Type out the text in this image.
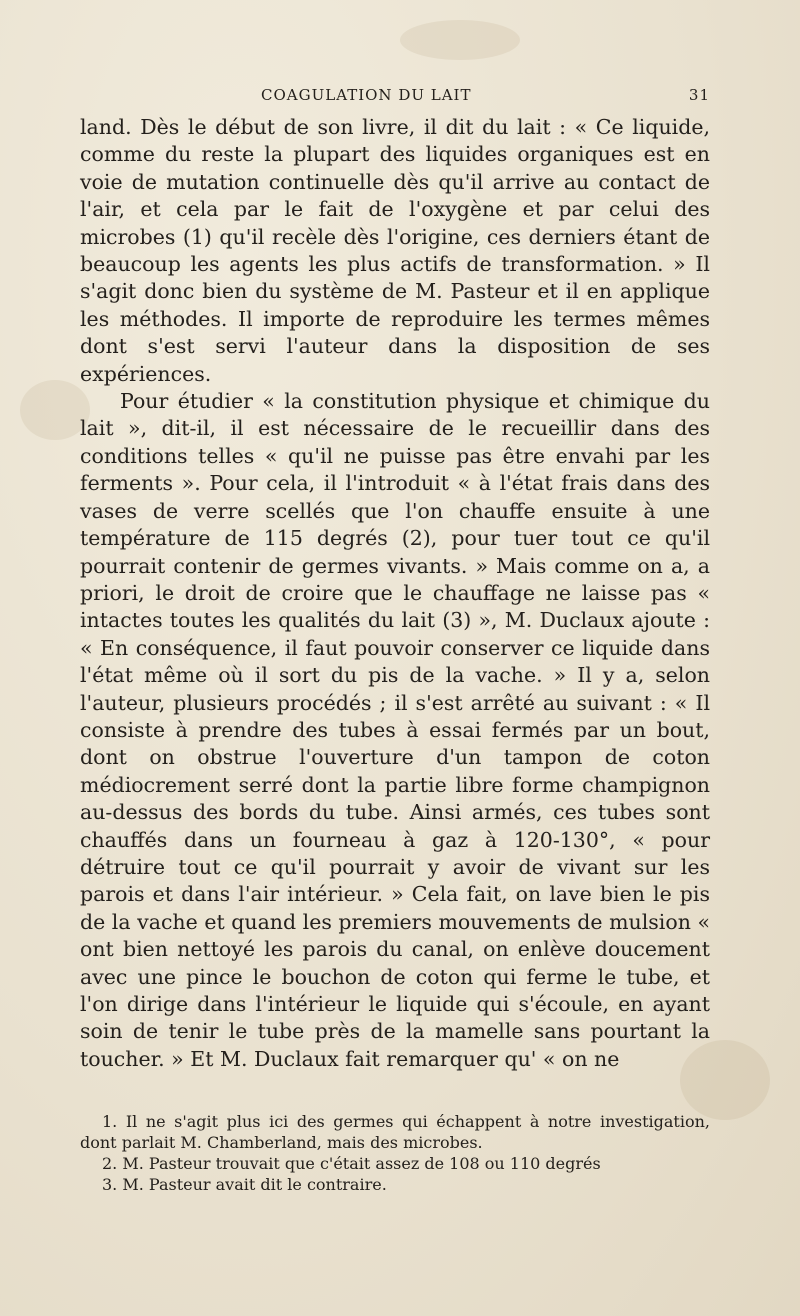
COAGULATION DU LAIT	31

land. Dès le début de son livre, il dit du lait : « Ce liquide, comme du reste la plupart des liquides organiques est en voie de mutation continuelle dès qu'il arrive au contact de l'air, et cela par le fait de l'oxygène et par celui des microbes (1) qu'il recèle dès l'origine, ces derniers étant de beaucoup les agents les plus actifs de transformation. » Il s'agit donc bien du système de M. Pasteur et il en applique les méthodes. Il importe de reproduire les termes mêmes dont s'est servi l'auteur dans la disposition de ses expériences.

Pour étudier « la constitution physique et chimique du lait », dit-il, il est nécessaire de le recueillir dans des conditions telles « qu'il ne puisse pas être envahi par les ferments ». Pour cela, il l'introduit « à l'état frais dans des vases de verre scellés que l'on chauffe ensuite à une température de 115 degrés (2), pour tuer tout ce qu'il pourrait contenir de germes vivants. » Mais comme on a, a priori, le droit de croire que le chauffage ne laisse pas « intactes toutes les qualités du lait (3) », M. Duclaux ajoute : « En conséquence, il faut pouvoir conserver ce liquide dans l'état même où il sort du pis de la vache. » Il y a, selon l'auteur, plusieurs procédés ; il s'est arrêté au suivant : « Il consiste à prendre des tubes à essai fermés par un bout, dont on obstrue l'ouverture d'un tampon de coton médiocrement serré dont la partie libre forme champignon au-dessus des bords du tube. Ainsi armés, ces tubes sont chauffés dans un fourneau à gaz à 120-130°, « pour détruire tout ce qu'il pourrait y avoir de vivant sur les parois et dans l'air intérieur. » Cela fait, on lave bien le pis de la vache et quand les premiers mouvements de mulsion « ont bien nettoyé les parois du canal, on enlève doucement avec une pince le bouchon de coton qui ferme le tube, et l'on dirige dans l'intérieur le liquide qui s'écoule, en ayant soin de tenir le tube près de la mamelle sans pourtant la toucher. » Et M. Duclaux fait remarquer qu' « on ne

1. Il ne s'agit plus ici des germes qui échappent à notre investigation, dont parlait M. Chamberland, mais des microbes.

2. M. Pasteur trouvait que c'était assez de 108 ou 110 degrés

3. M. Pasteur avait dit le contraire.
